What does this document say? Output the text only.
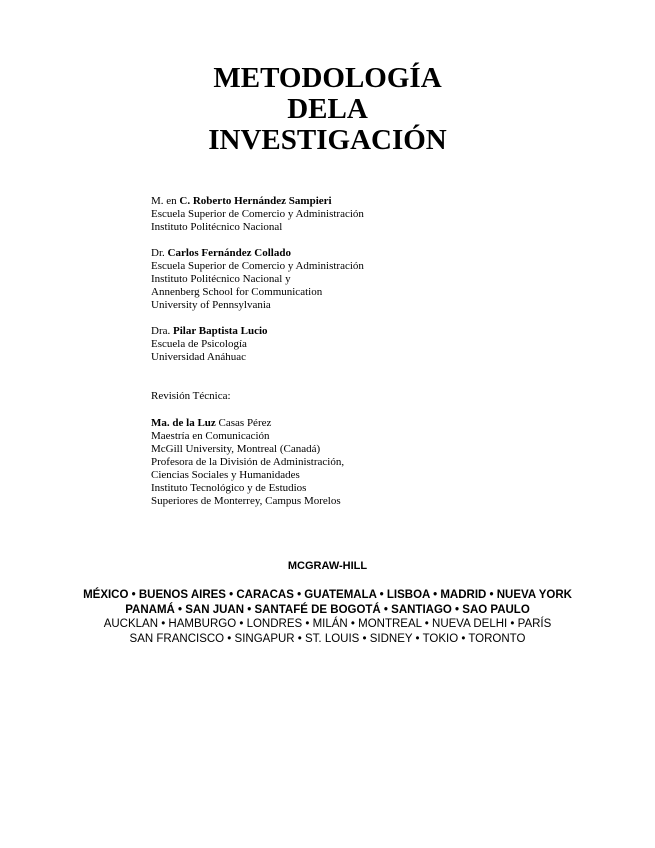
METODOLOGÍA
DELA
INVESTIGACIÓN
M. en C. Roberto Hernández Sampieri
Escuela Superior de Comercio y Administración
Instituto Politécnico Nacional
Dr. Carlos Fernández Collado
Escuela Superior de Comercio y Administración
Instituto Politécnico Nacional y
Annenberg School for Communication
University of Pennsylvania
Dra. Pilar Baptista Lucio
Escuela de Psicología
Universidad Anáhuac
Revisión Técnica:
Ma. de la Luz Casas Pérez
Maestría en Comunicación
McGill University, Montreal (Canadá)
Profesora de la División de Administración,
Ciencias Sociales y Humanidades
Instituto Tecnológico y de Estudios
Superiores de Monterrey, Campus Morelos
MCGRAW-HILL
MÉXICO • BUENOS AIRES • CARACAS • GUATEMALA • LISBOA • MADRID • NUEVA YORK
PANAMÁ • SAN JUAN • SANTAFÉ DE BOGOTÁ • SANTIAGO • SAO PAULO
AUCKLAN • HAMBURGO • LONDRES • MILÁN • MONTREAL • NUEVA DELHI • PARÍS
SAN FRANCISCO • SINGAPUR • ST. LOUIS • SIDNEY • TOKIO • TORONTO
